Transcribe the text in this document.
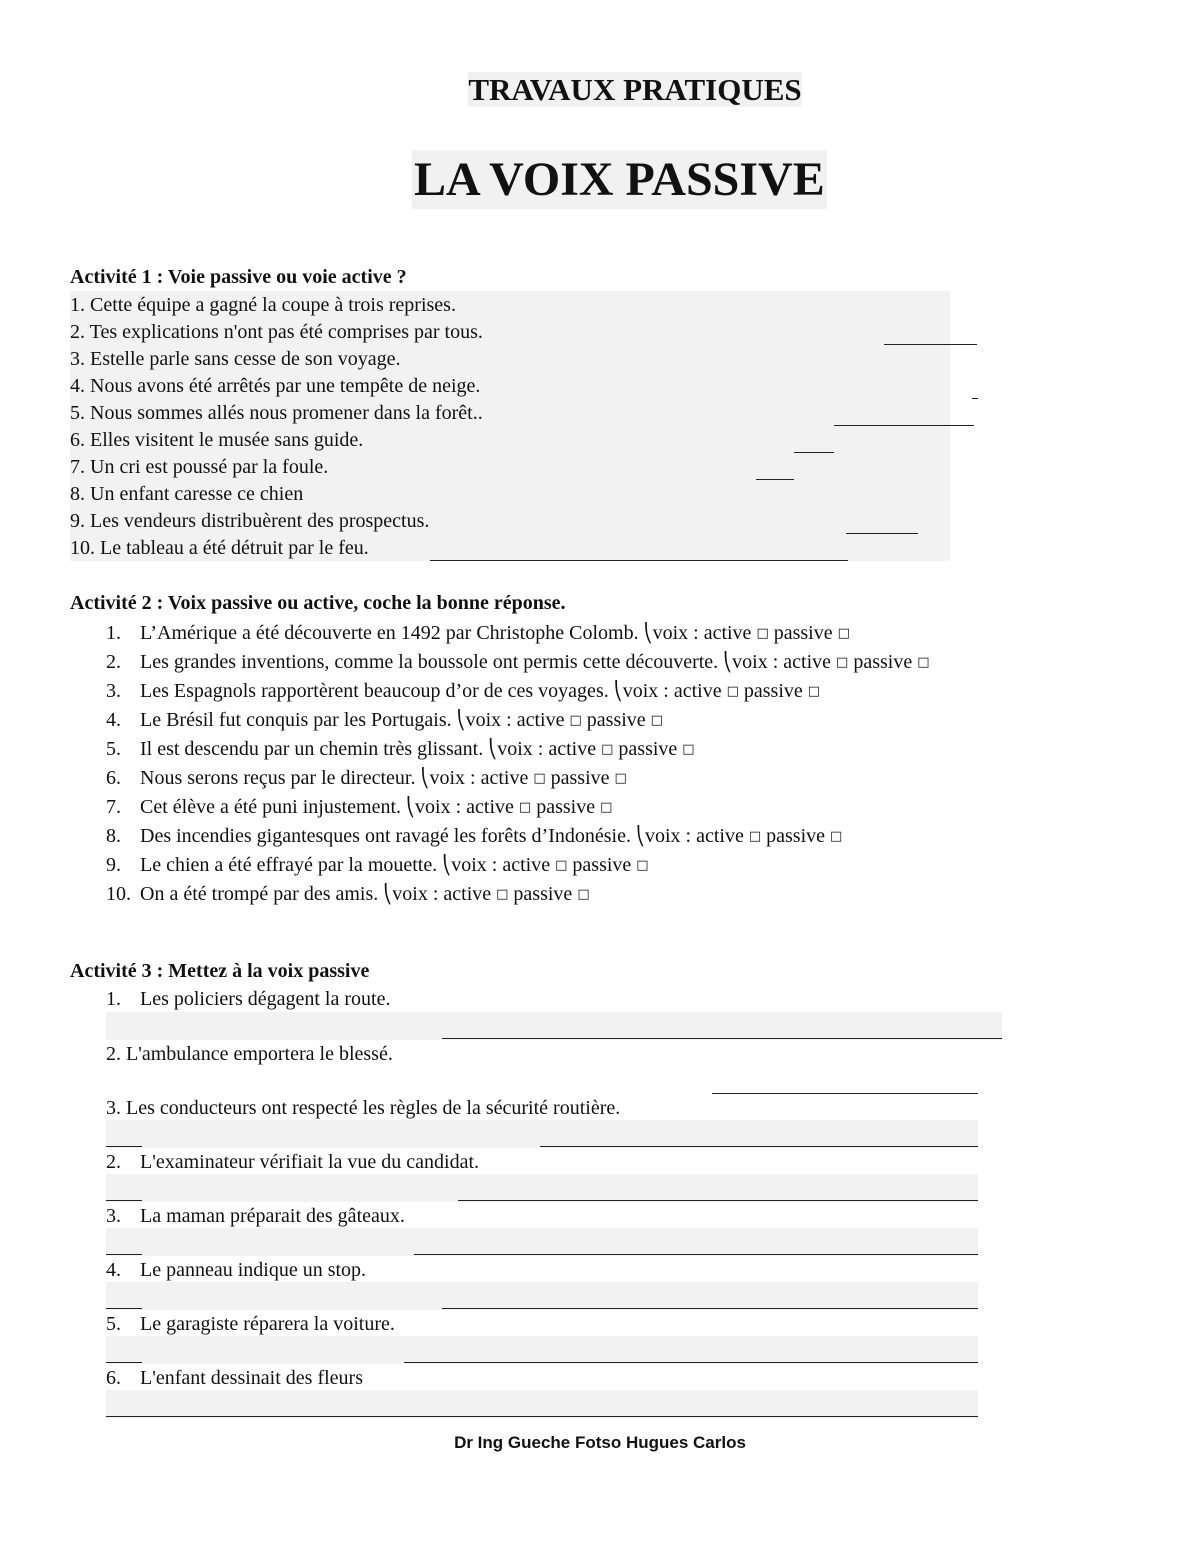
TRAVAUX PRATIQUES
LA VOIX PASSIVE
Activité 1 : Voie passive ou voie active ?
1. Cette équipe a gagné la coupe à trois reprises.
2. Tes explications n'ont pas été comprises par tous.
3. Estelle parle sans cesse de son voyage.
4. Nous avons été arrêtés par une tempête de neige.
5. Nous sommes allés nous promener dans la forêt..
6. Elles visitent le musée sans guide.
7. Un cri est poussé par la foule.
8. Un enfant caresse ce chien
9. Les vendeurs distribuèrent des prospectus.
10. Le tableau a été détruit par le feu.
Activité 2 : Voix passive ou active, coche la bonne réponse.
1. L’Amérique a été découverte en 1492 par Christophe Colomb. ⎝voix : active □ passive □
2. Les grandes inventions, comme la boussole ont permis cette découverte. ⎝voix : active □ passive □
3. Les Espagnols rapportèrent beaucoup d’or de ces voyages. ⎝voix : active □ passive □
4. Le Brésil fut conquis par les Portugais. ⎝voix : active □ passive □
5. Il est descendu par un chemin très glissant. ⎝voix : active □ passive □
6. Nous serons reçus par le directeur. ⎝voix : active □ passive □
7. Cet élève a été puni injustement. ⎝voix : active □ passive □
8. Des incendies gigantesques ont ravagé les forêts d’Indonésie. ⎝voix : active □ passive □
9. Le chien a été effrayé par la mouette. ⎝voix : active □ passive □
10. On a été trompé par des amis. ⎝voix : active □ passive □
Activité 3 : Mettez à la voix passive
1. Les policiers dégagent la route.
2. L'ambulance emportera le blessé.
3. Les conducteurs ont respecté les règles de la sécurité routière.
2. L'examinateur vérifiait la vue du candidat.
3. La maman préparait des gâteaux.
4. Le panneau indique un stop.
5. Le garagiste réparera la voiture.
6. L'enfant dessinait des fleurs
Dr Ing Gueche Fotso Hugues Carlos
